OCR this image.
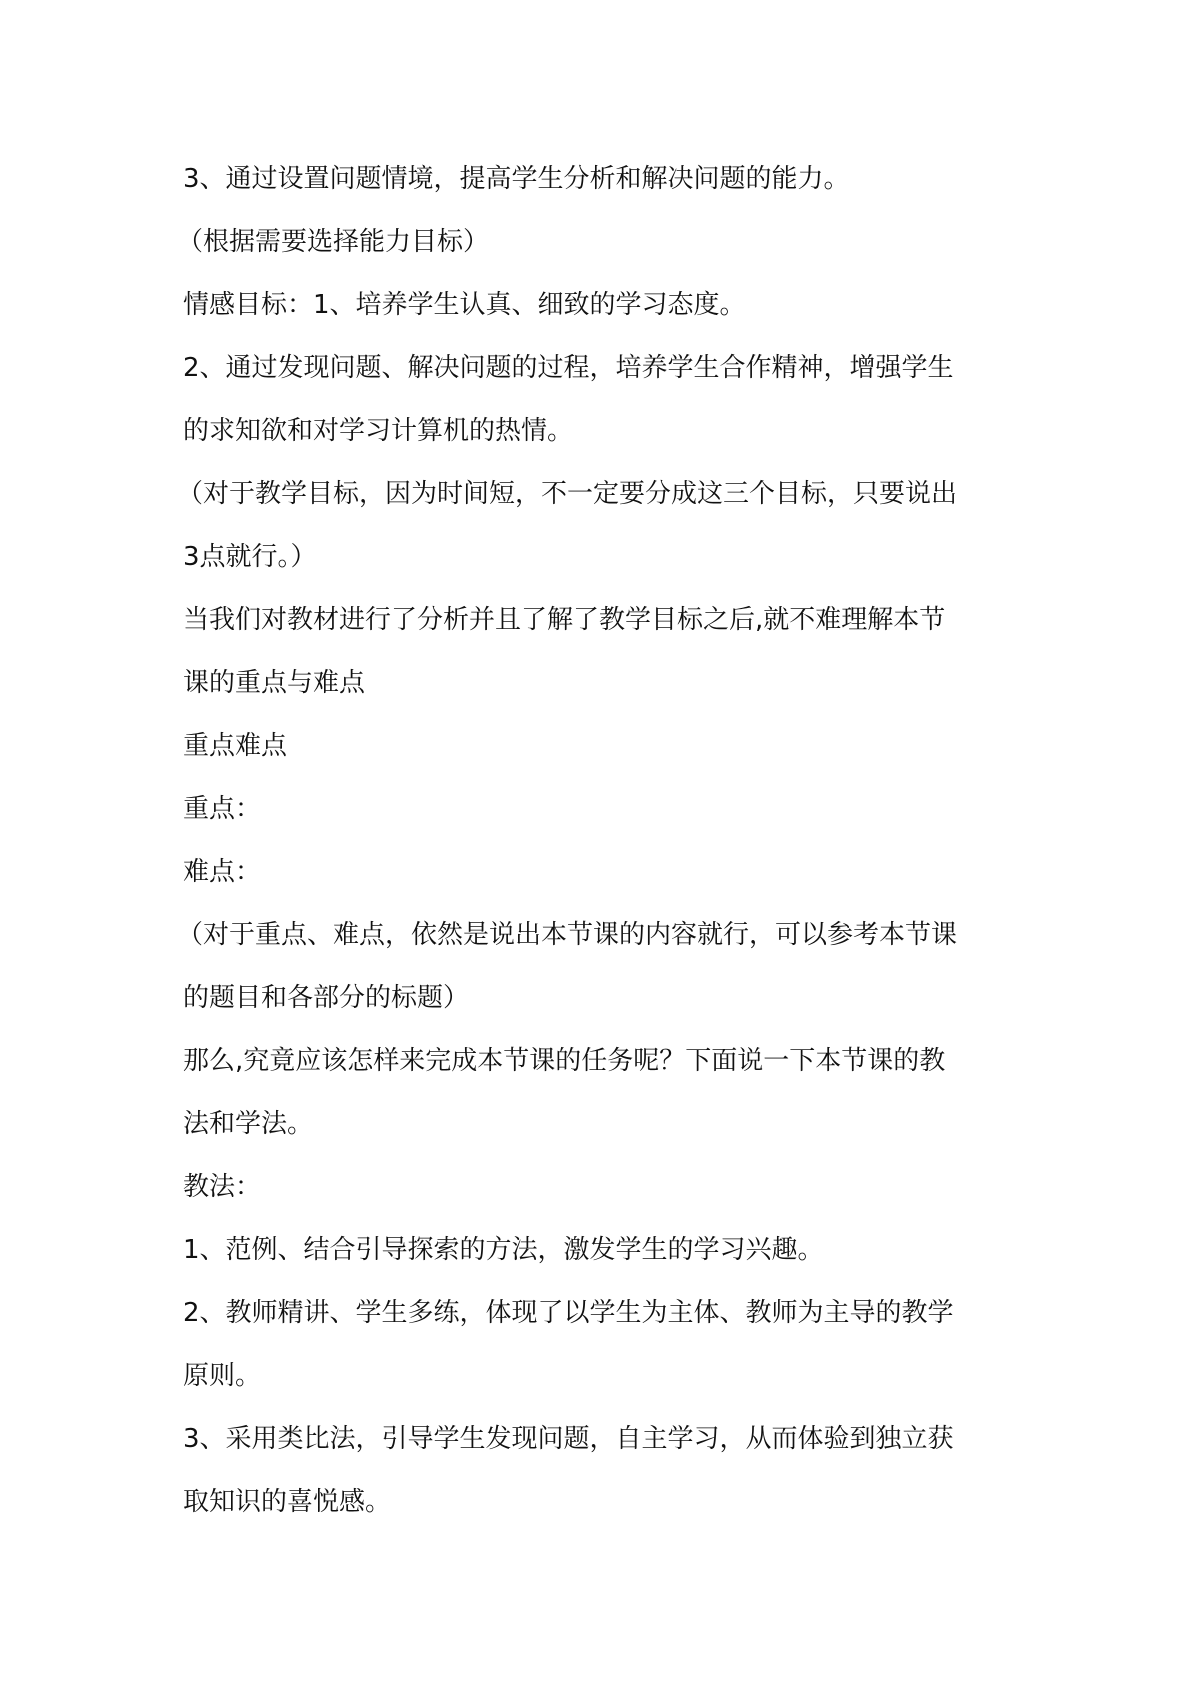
3、通过设置问题情境，提高学生分析和解决问题的能力。
（根据需要选择能力目标）
情感目标：1、培养学生认真、细致的学习态度。
2、通过发现问题、解决问题的过程，培养学生合作精神，增强学生
的求知欲和对学习计算机的热情。
（对于教学目标，因为时间短，不一定要分成这三个目标，只要说出
3点就行。）
当我们对教材进行了分析并且了解了教学目标之后,就不难理解本节
课的重点与难点
重点难点
重点：
难点：
（对于重点、难点，依然是说出本节课的内容就行，可以参考本节课
的题目和各部分的标题）
那么,究竟应该怎样来完成本节课的任务呢？下面说一下本节课的教
法和学法。
教法：
1、范例、结合引导探索的方法，激发学生的学习兴趣。
2、教师精讲、学生多练，体现了以学生为主体、教师为主导的教学
原则。
3、采用类比法，引导学生发现问题，自主学习，从而体验到独立获
取知识的喜悦感。
